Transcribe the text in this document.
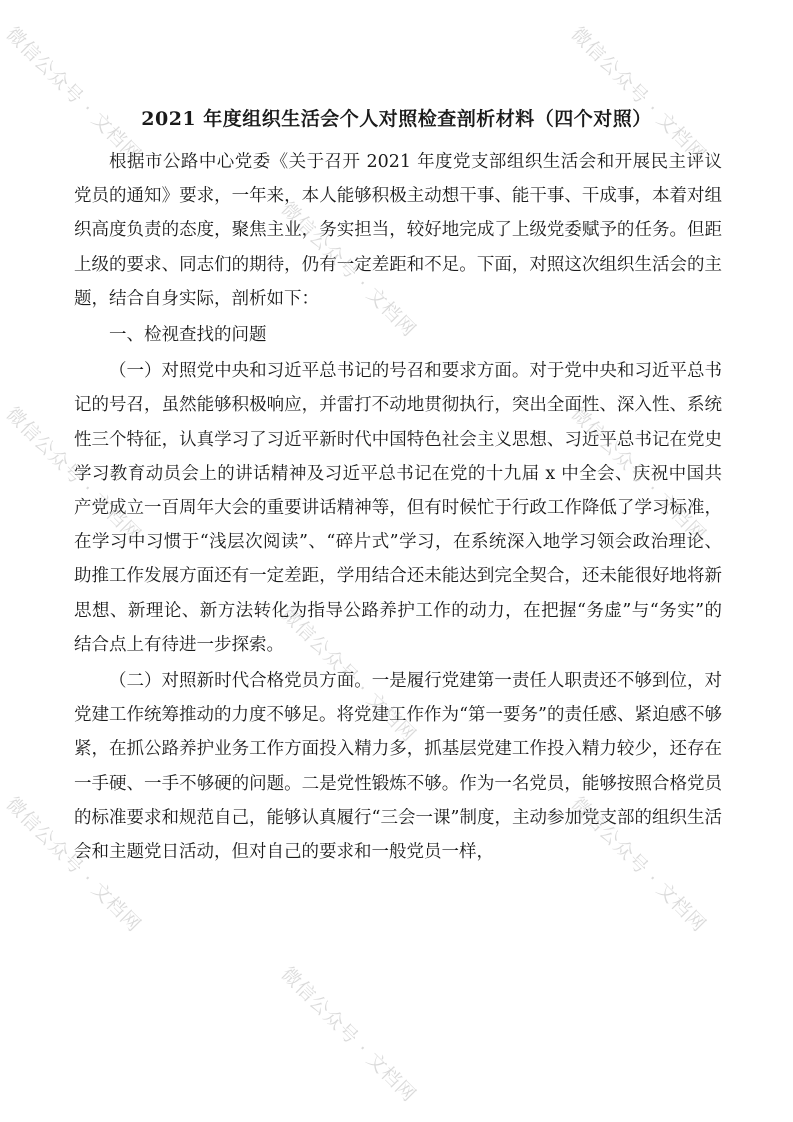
2021 年度组织生活会个人对照检查剖析材料（四个对照）

根据市公路中心党委《关于召开 2021 年度党支部组织生活会和开展民主评议党员的通知》要求，一年来，本人能够积极主动想干事、能干事、干成事，本着对组织高度负责的态度，聚焦主业，务实担当，较好地完成了上级党委赋予的任务。但距上级的要求、同志们的期待，仍有一定差距和不足。下面，对照这次组织生活会的主题，结合自身实际，剖析如下：

一、检视查找的问题

（一）对照党中央和习近平总书记的号召和要求方面。对于党中央和习近平总书记的号召，虽然能够积极响应，并雷打不动地贯彻执行，突出全面性、深入性、系统性三个特征，认真学习了习近平新时代中国特色社会主义思想、习近平总书记在党史学习教育动员会上的讲话精神及习近平总书记在党的十九届 x 中全会、庆祝中国共产党成立一百周年大会的重要讲话精神等，但有时候忙于行政工作降低了学习标准，在学习中习惯于“浅层次阅读”、“碎片式”学习，在系统深入地学习领会政治理论、助推工作发展方面还有一定差距，学用结合还未能达到完全契合，还未能很好地将新思想、新理论、新方法转化为指导公路养护工作的动力，在把握“务虚”与“务实”的结合点上有待进一步探索。

（二）对照新时代合格党员方面。一是履行党建第一责任人职责还不够到位，对党建工作统筹推动的力度不够足。将党建工作作为“第一要务”的责任感、紧迫感不够紧，在抓公路养护业务工作方面投入精力多，抓基层党建工作投入精力较少，还存在一手硬、一手不够硬的问题。二是党性锻炼不够。作为一名党员，能够按照合格党员的标准要求和规范自己，能够认真履行“三会一课”制度，主动参加党支部的组织生活会和主题党日活动，但对自己的要求和一般党员一样，

微信公众号 · 文档网	微信公众号 · 文档网
微信公众号 · 文档网
微信公众号 · 文档网	微信公众号 · 文档网
微信公众号 · 文档网
微信公众号 · 文档网	微信公众号 · 文档网
微信公众号 · 文档网
